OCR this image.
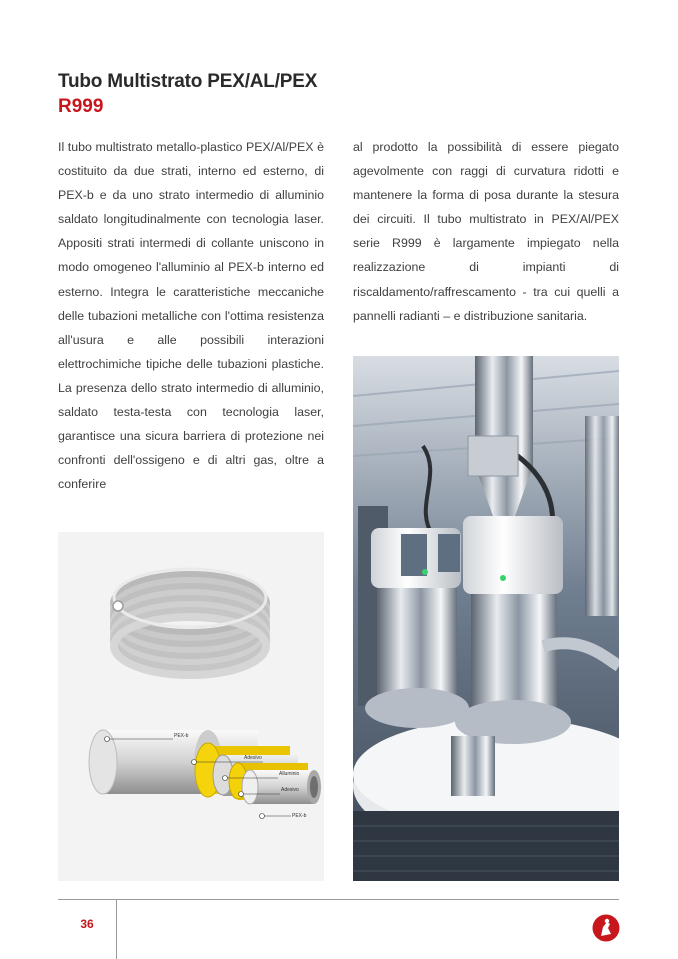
Tubo Multistrato PEX/AL/PEX
R999

Il tubo multistrato metallo-plastico PEX/Al/PEX è costituito da due strati, interno ed esterno, di PEX-b e da uno strato intermedio di alluminio saldato longitudinalmente con tecnologia laser. Appositi strati intermedi di collante uniscono in modo omogeneo l'alluminio al PEX-b interno ed esterno. Integra le caratteristiche meccaniche delle tubazioni metalliche con l'ottima resistenza all'usura e alle possibili interazioni elettrochimiche tipiche delle tubazioni plastiche. La presenza dello strato intermedio di alluminio, saldato testa-testa con tecnologia laser, garantisce una sicura barriera di protezione nei confronti dell'ossigeno e di altri gas, oltre a conferire

al prodotto la possibilità di essere piegato agevolmente con raggi di curvatura ridotti e mantenere la forma di posa durante la stesura dei circuiti. Il tubo multistrato in PEX/Al/PEX serie R999 è largamente impiegato nella realizzazione di impianti di riscaldamento/raffrescamento - tra cui quelli a pannelli radianti – e distribuzione sanitaria.

PEX-b
Adesivo
Alluminio
Adesivo
PEX-b
36
